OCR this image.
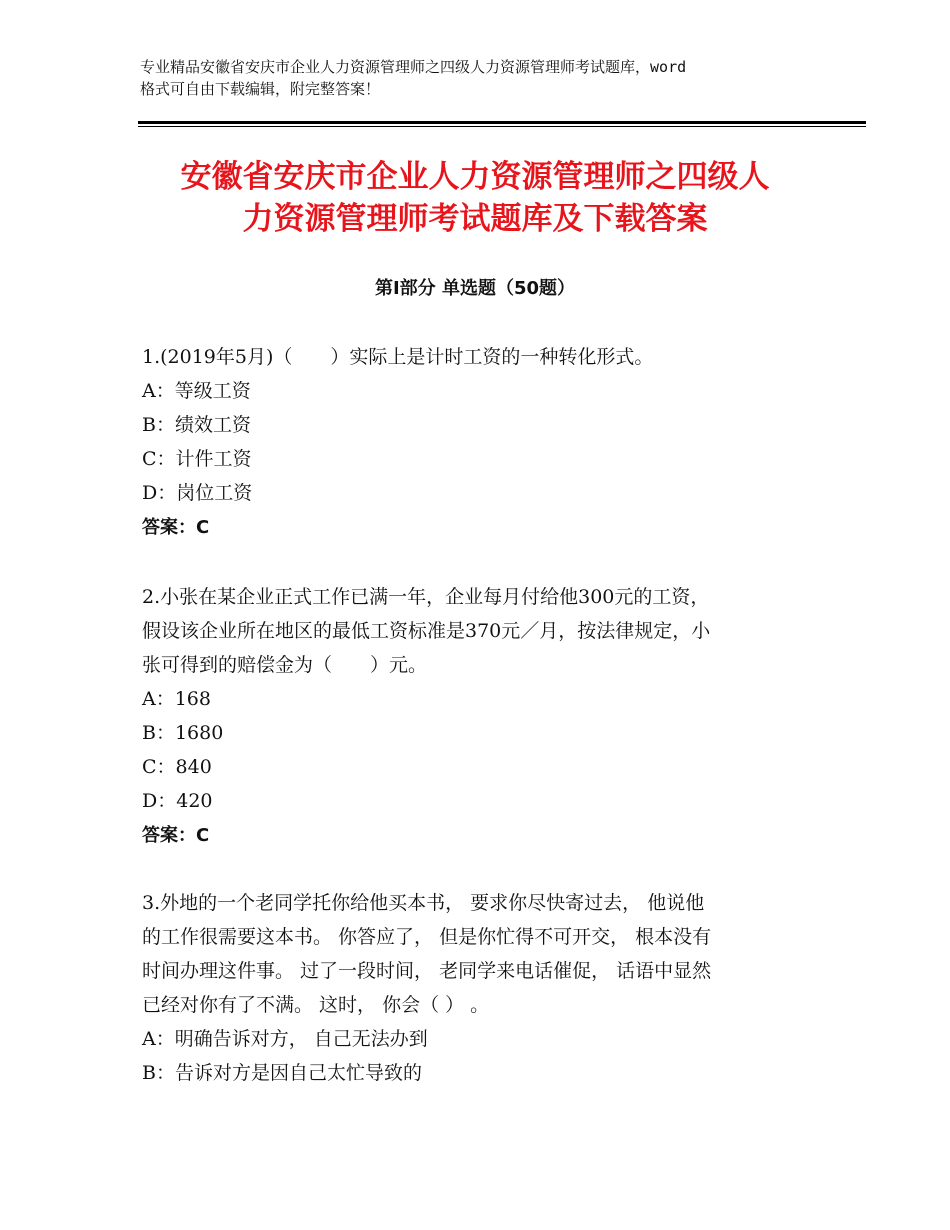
专业精品安徽省安庆市企业人力资源管理师之四级人力资源管理师考试题库，word
格式可自由下载编辑，附完整答案！
安徽省安庆市企业人力资源管理师之四级人
力资源管理师考试题库及下载答案
第Ⅰ部分 单选题（50题）
1.(2019年5月)（　　）实际上是计时工资的一种转化形式。
A：等级工资
B：绩效工资
C：计件工资
D：岗位工资
答案：C
2.小张在某企业正式工作已满一年，企业每月付给他300元的工资，
假设该企业所在地区的最低工资标准是370元／月，按法律规定，小
张可得到的赔偿金为（　　）元。
A：168
B：1680
C：840
D：420
答案：C
3.外地的一个老同学托你给他买本书， 要求你尽快寄过去， 他说他
的工作很需要这本书。 你答应了， 但是你忙得不可开交， 根本没有
时间办理这件事。 过了一段时间， 老同学来电话催促， 话语中显然
已经对你有了不满。 这时， 你会（ ） 。
A：明确告诉对方， 自己无法办到
B：告诉对方是因自己太忙导致的
